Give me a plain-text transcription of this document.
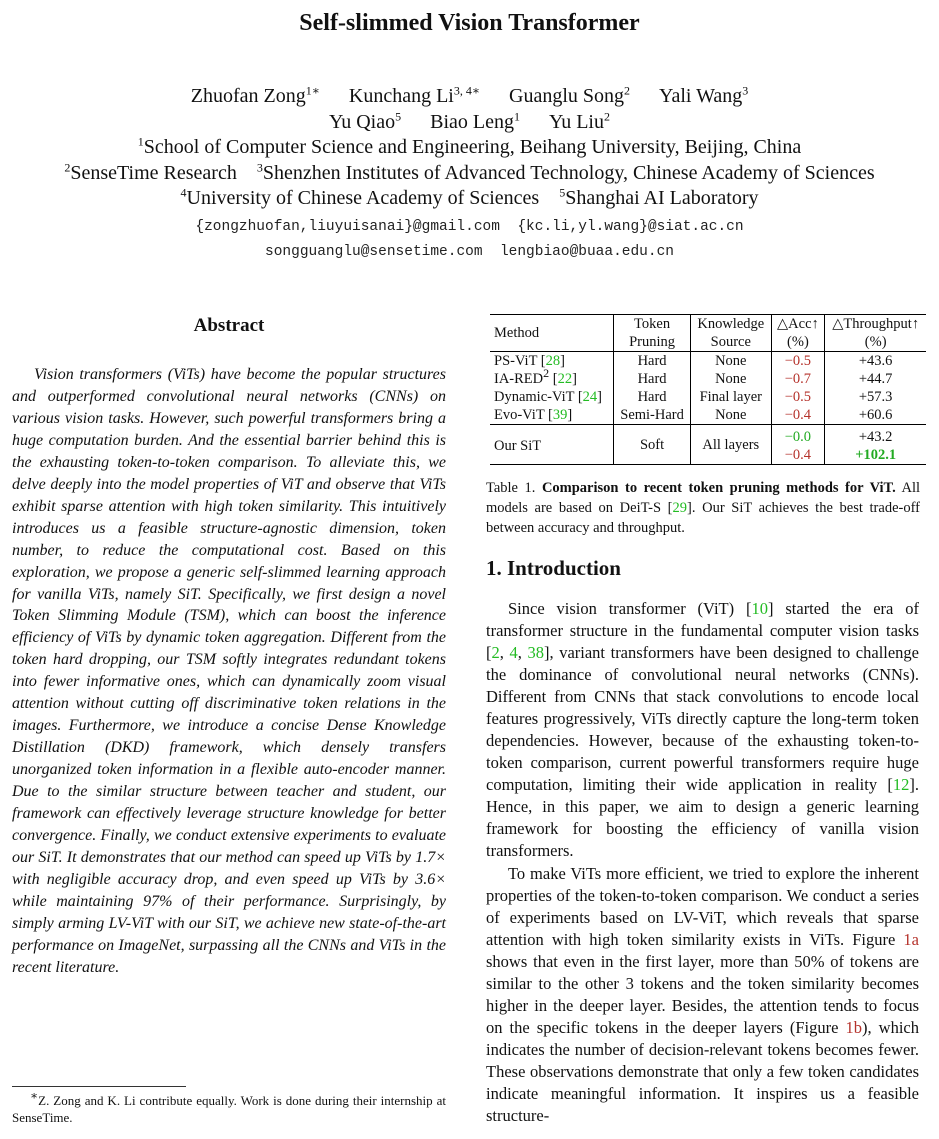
Self-slimmed Vision Transformer
Zhuofan Zong$^{1∗}$ Kunchang $Li^{3, 4∗}$ Guanglu Song$^2$ Yali Wang$^3$
Yu Qiao$^5$ Biao Leng$^1$ Yu Liu$^2$
$^1$School of Computer Science and Engineering, Beihang University, Beijing, China
$^2$SenseTime Research $^3$Shenzhen Institutes of Advanced Technology, Chinese Academy of Sciences
$^4$University of Chinese Academy of Sciences $^5$Shanghai AI Laboratory
{zongzhuofan,liuyuisanai}@gmail.com  {kc.li,yl.wang}@siat.ac.cn
songguanglu@sensetime.com  lengbiao@buaa.edu.cn
Abstract

Vision transformers (ViTs) have become the popular structures and outperformed convolutional neural networks (CNNs) on various vision tasks. However, such powerful transformers bring a huge computation burden. And the essential barrier behind this is the exhausting token-to-token comparison. To alleviate this, we delve deeply into the model properties of ViT and observe that ViTs exhibit sparse attention with high token similarity. This intuitively introduces us a feasible structure-agnostic dimension, token number, to reduce the computational cost. Based on this exploration, we propose a generic self-slimmed learning approach for vanilla ViTs, namely SiT. Specifically, we first design a novel Token Slimming Module (TSM), which can boost the inference efficiency of ViTs by dynamic token aggregation. Different from the token hard dropping, our TSM softly integrates redundant tokens into fewer informative ones, which can dynamically zoom visual attention without cutting off discriminative token relations in the images. Furthermore, we introduce a concise Dense Knowledge Distillation (DKD) framework, which densely transfers unorganized token information in a flexible auto-encoder manner. Due to the similar structure between teacher and student, our framework can effectively leverage structure knowledge for better convergence. Finally, we conduct extensive experiments to evaluate our SiT. It demonstrates that our method can speed up ViTs by 1.7× with negligible accuracy drop, and even speed up ViTs by 3.6× while maintaining 97% of their performance. Surprisingly, by simply arming LV-ViT with our SiT, we achieve new state-of-the-art performance on ImageNet, surpassing all the CNNs and ViTs in the recent literature.

∗Z. Zong and K. Li contribute equally. Work is done during their internship at SenseTime.
Method	Token	Knowledge	△Acc↑	△Throughput↑
	Pruning	Source	(%)	(%)
PS-ViT [28]	Hard	None	−0.5	+43.6
IA-RED$^2$ [22]	Hard	None	−0.7	+44.7
Dynamic-ViT [24]	Hard	Final layer	−0.5	+57.3
Evo-ViT [39]	Semi-Hard	None	−0.4	+60.6
Our SiT	Soft	All layers	−0.0	+43.2
			−0.4	+102.1
Table 1. Comparison to recent token pruning methods for ViT. All models are based on DeiT-S [29]. Our SiT achieves the best trade-off between accuracy and throughput.
1. Introduction

Since vision transformer (ViT) [10] started the era of transformer structure in the fundamental computer vision tasks [2, 4, 38], variant transformers have been designed to challenge the dominance of convolutional neural networks (CNNs). Different from CNNs that stack convolutions to encode local features progressively, ViTs directly capture the long-term token dependencies. However, because of the exhausting token-to-token comparison, current powerful transformers require huge computation, limiting their wide application in reality [12]. Hence, in this paper, we aim to design a generic learning framework for boosting the efficiency of vanilla vision transformers.

To make ViTs more efficient, we tried to explore the inherent properties of the token-to-token comparison. We conduct a series of experiments based on LV-ViT, which reveals that sparse attention with high token similarity exists in ViTs. Figure 1a shows that even in the first layer, more than 50% of tokens are similar to the other 3 tokens and the token similarity becomes higher in the deeper layer. Besides, the attention tends to focus on the specific tokens in the deeper layers (Figure 1b), which indicates the number of decision-relevant tokens becomes fewer. These observations demonstrate that only a few token candidates indicate meaningful information. It inspires us a feasible structure-
